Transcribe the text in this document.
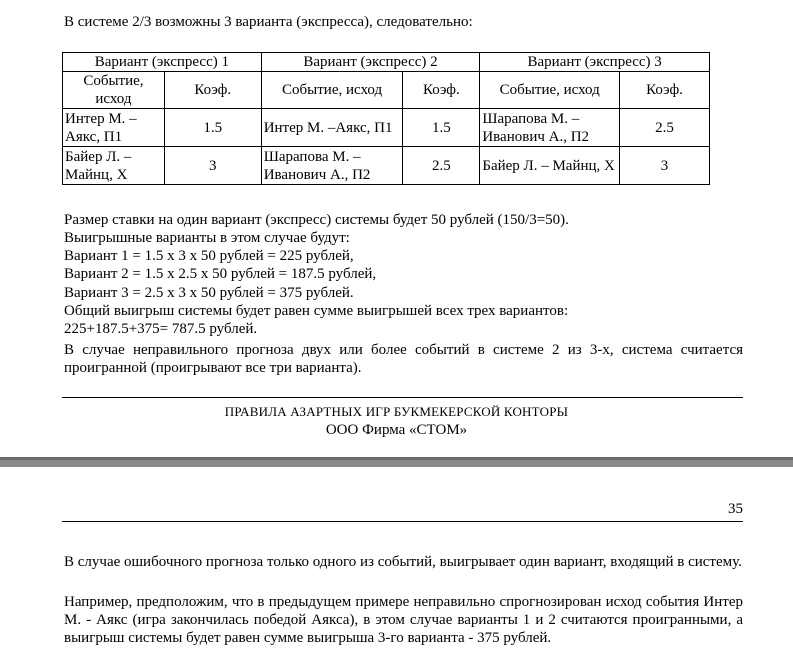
В системе 2/3 возможны 3 варианта (экспресса), следовательно:
Вариант (экспресс) 1		Вариант (экспресс) 2		Вариант (экспресс) 3	
Событие, исход	Коэф.	Событие, исход	Коэф.	Событие, исход	Коэф.
Интер М. – Аякс, П1	1.5	Интер М. –Аякс, П1	1.5	Шарапова М. – Иванович А., П2	2.5
Байер Л. – Майнц, Х	3	Шарапова М. – Иванович А., П2	2.5	Байер Л. – Майнц, Х	3
Размер ставки на один вариант (экспресс) системы будет 50 рублей (150/3=50).
Выигрышные варианты в этом случае будут:
Вариант 1 = 1.5 х 3 х 50 рублей = 225 рублей,
Вариант 2 = 1.5 х 2.5 х 50 рублей = 187.5 рублей,
Вариант 3 = 2.5 х 3 х 50 рублей = 375 рублей.
Общий выигрыш системы будет равен сумме выигрышей всех трех вариантов:
225+187.5+375= 787.5 рублей.
В случае неправильного прогноза двух или более событий в системе 2 из 3-х, система считается проигранной (проигрывают все три варианта).
ПРАВИЛА АЗАРТНЫХ ИГР БУКМЕКЕРСКОЙ КОНТОРЫ
ООО Фирма «СТОМ»
35
В случае ошибочного прогноза только одного из событий, выигрывает один вариант, входящий в систему.
Например, предположим, что в предыдущем примере неправильно спрогнозирован исход события Интер М. - Аякс (игра закончилась победой Аякса), в этом случае варианты 1 и 2 считаются проигранными, а выигрыш системы будет равен сумме выигрыша 3-го варианта - 375 рублей.
